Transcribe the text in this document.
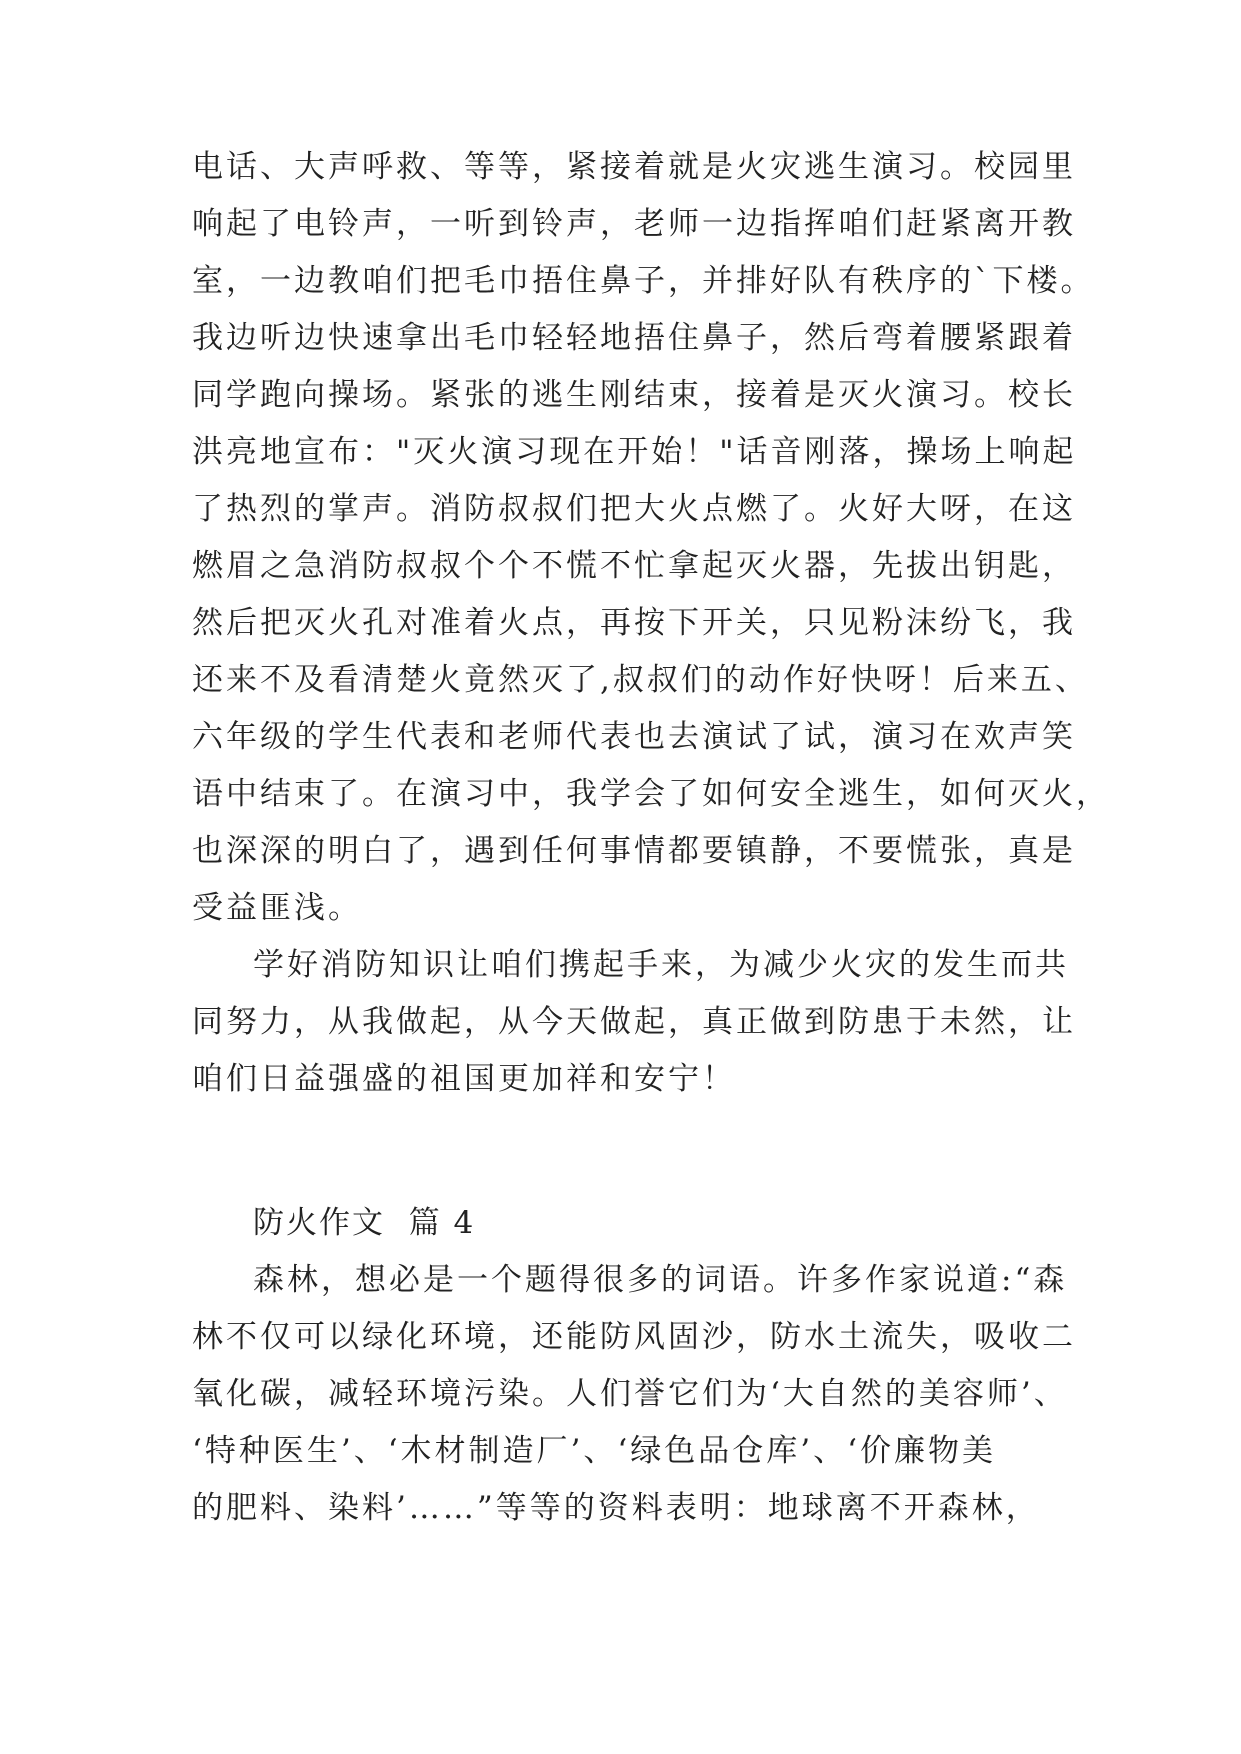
电话、大声呼救、等等，紧接着就是火灾逃生演习。校园里
响起了电铃声，一听到铃声，老师一边指挥咱们赶紧离开教
室，一边教咱们把毛巾捂住鼻子，并排好队有秩序的`下楼。
我边听边快速拿出毛巾轻轻地捂住鼻子，然后弯着腰紧跟着
同学跑向操场。紧张的逃生刚结束，接着是灭火演习。校长
洪亮地宣布："灭火演习现在开始！"话音刚落，操场上响起
了热烈的掌声。消防叔叔们把大火点燃了。火好大呀，在这
燃眉之急消防叔叔个个不慌不忙拿起灭火器，先拔出钥匙，
然后把灭火孔对准着火点，再按下开关，只见粉沫纷飞，我
还来不及看清楚火竟然灭了,叔叔们的动作好快呀！后来五、
六年级的学生代表和老师代表也去演试了试，演习在欢声笑
语中结束了。在演习中，我学会了如何安全逃生，如何灭火，
也深深的明白了，遇到任何事情都要镇静，不要慌张，真是
受益匪浅。
学好消防知识让咱们携起手来，为减少火灾的发生而共
同努力，从我做起，从今天做起，真正做到防患于未然，让
咱们日益强盛的祖国更加祥和安宁！
防火作文  篇 4
森林，想必是一个题得很多的词语。许多作家说道:“森
林不仅可以绿化环境，还能防风固沙，防水土流失，吸收二
氧化碳，减轻环境污染。人们誉它们为‘大自然的美容师’、
‘特种医生’、‘木材制造厂’、‘绿色品仓库’、‘价廉物美
的肥料、染料’……”等等的资料表明：地球离不开森林，
